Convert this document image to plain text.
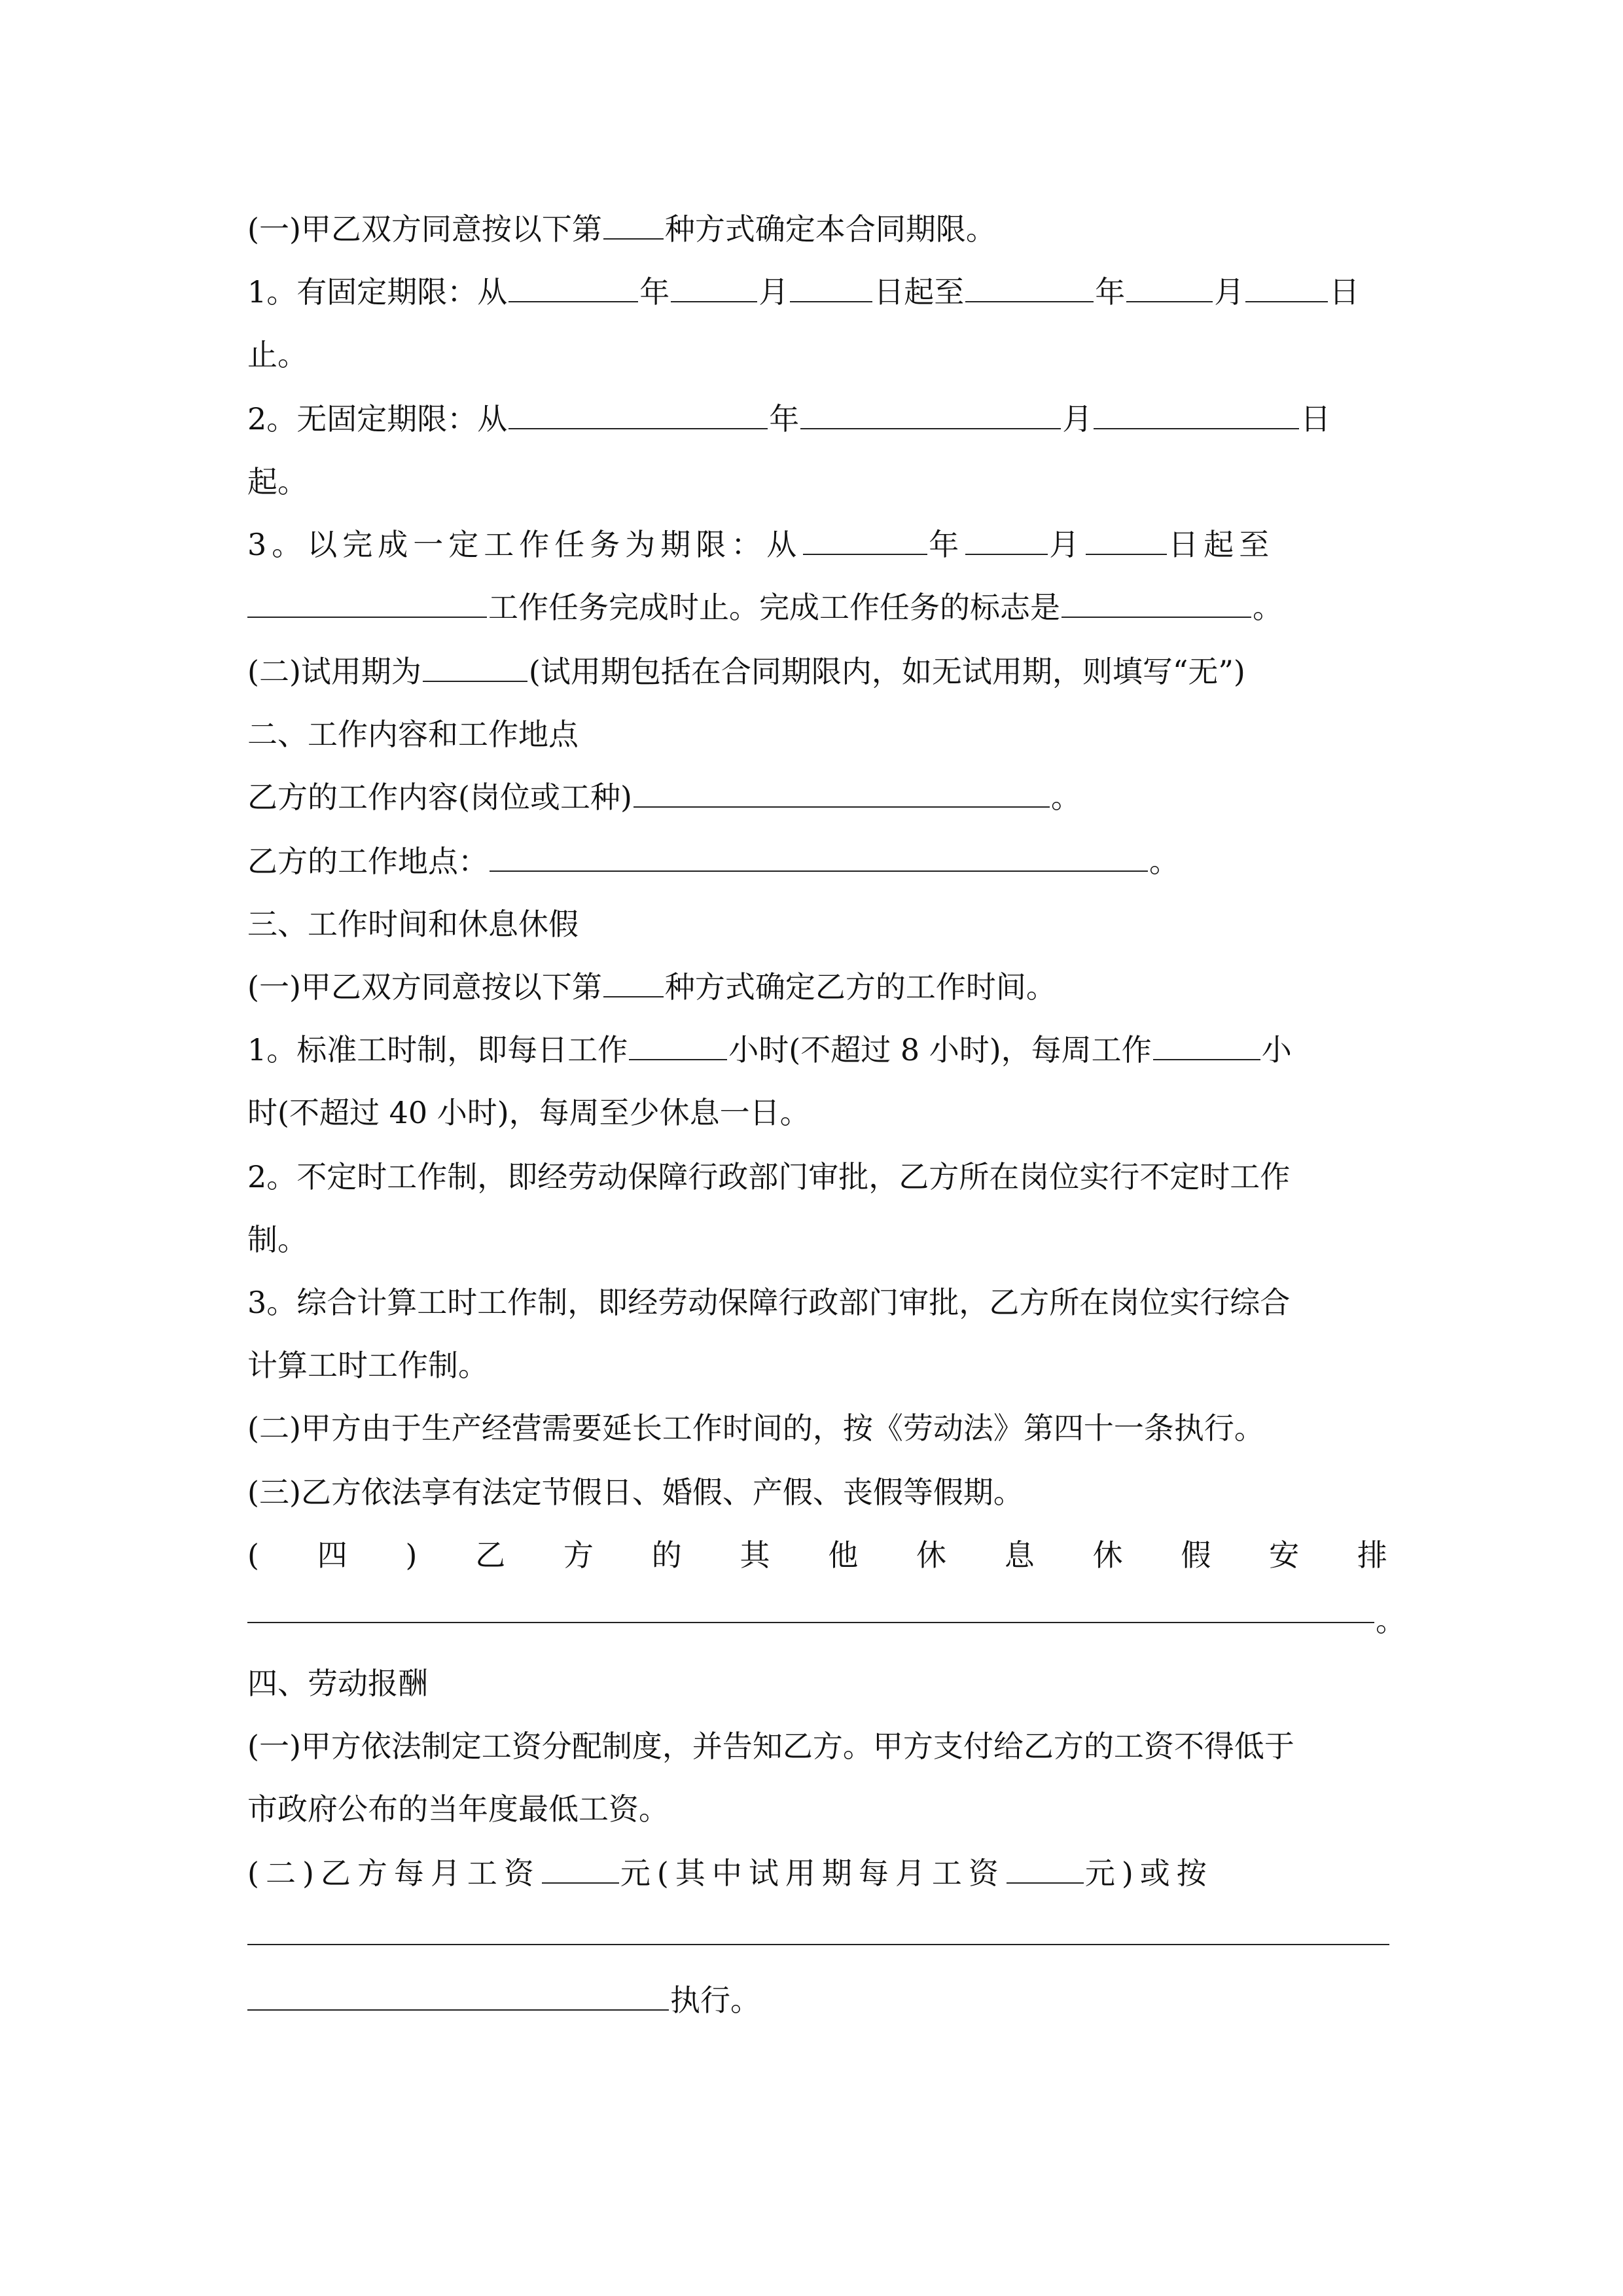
(一)甲乙双方同意按以下第 种方式确定本合同期限。
1。有固定期限：从	年	月	日起至	年	月	日
止。
2。无固定期限：从	年	月	日
起。
3。以完成一定工作任务为期限：从	年	月	日起至
工作任务完成时止。完成工作任务的标志是	。
(二)试用期为	(试用期包括在合同期限内，如无试用期，则填写“无”)
二、工作内容和工作地点
乙方的工作内容(岗位或工种)	。
乙方的工作地点：	。
三、工作时间和休息休假
(一)甲乙双方同意按以下第 种方式确定乙方的工作时间。
1。标准工时制，即每日工作	小时(不超过 8 小时)，每周工作	小
时(不超过 40 小时)，每周至少休息一日。
2。不定时工作制，即经劳动保障行政部门审批，乙方所在岗位实行不定时工作
制。
3。综合计算工时工作制，即经劳动保障行政部门审批，乙方所在岗位实行综合
计算工时工作制。
(二)甲方由于生产经营需要延长工作时间的，按《劳动法》第四十一条执行。
(三)乙方依法享有法定节假日、婚假、产假、丧假等假期。
( 四 ) 乙 方 的 其 他 休 息 休 假 安 排
。
四、劳动报酬
(一)甲方依法制定工资分配制度，并告知乙方。甲方支付给乙方的工资不得低于
市政府公布的当年度最低工资。
(二)乙方每月工资	元(其中试用期每月工资	元)或按
执行。
